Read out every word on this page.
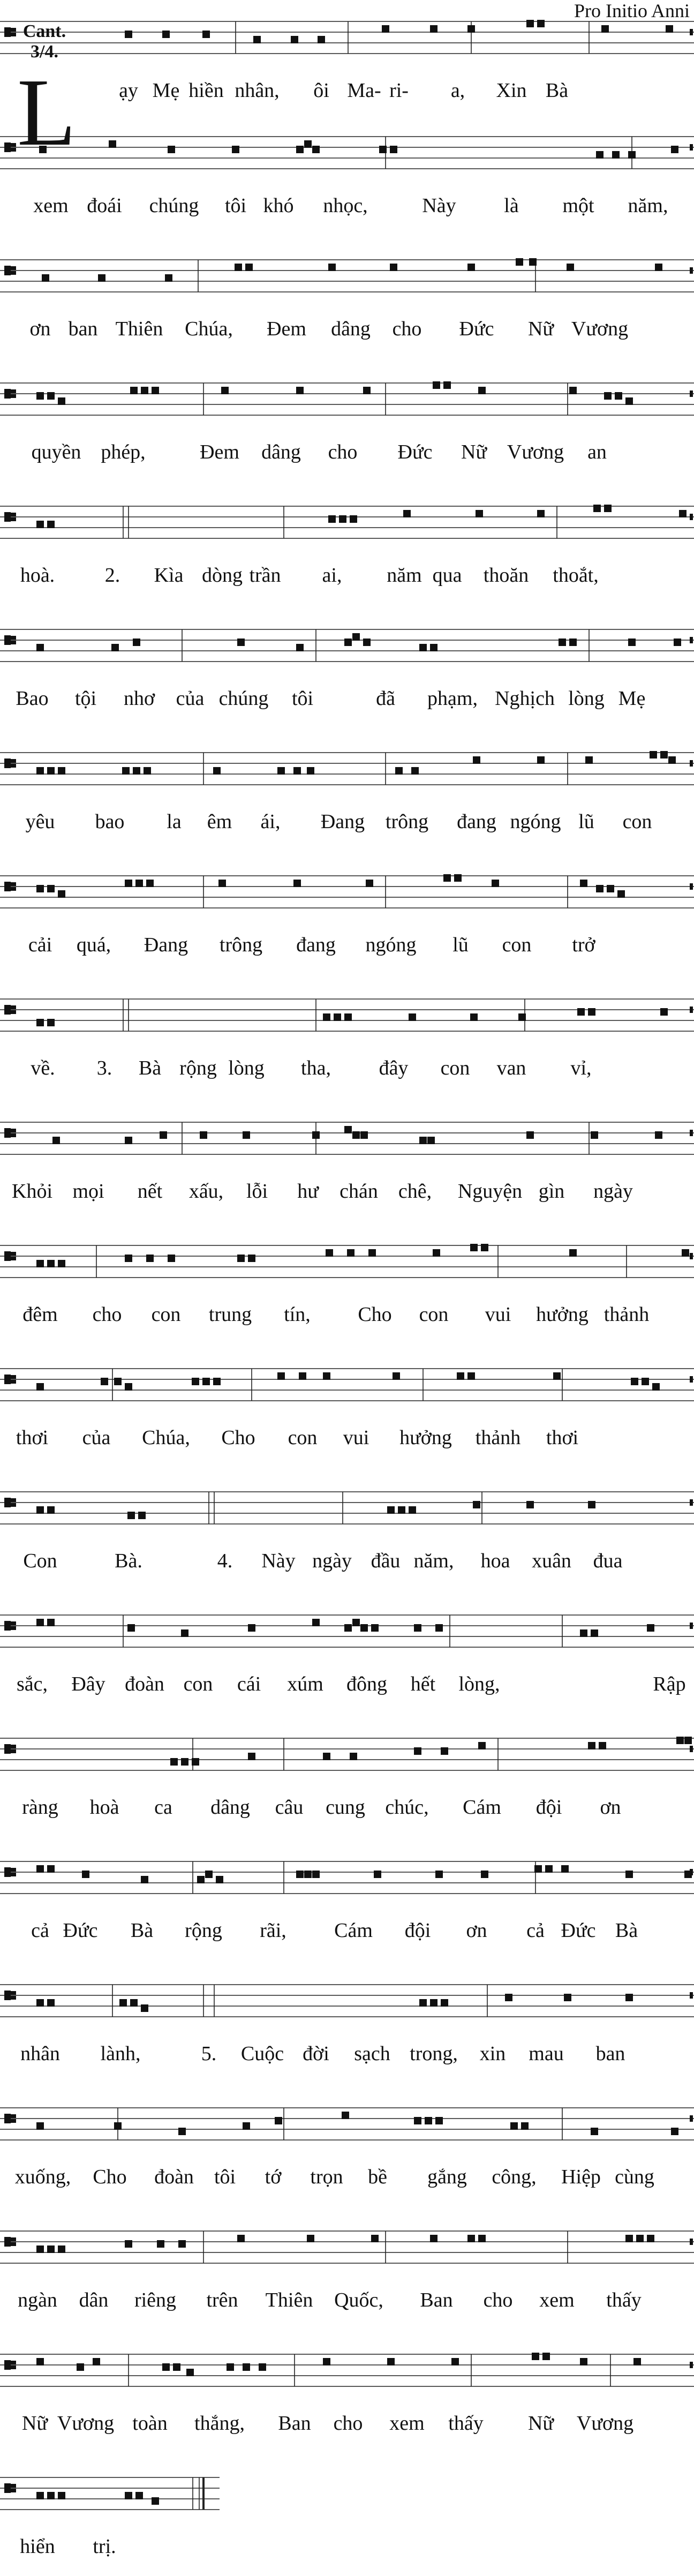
Pro Initio Anni
Cant.
3/4.
L ạy Mẹ hiền nhân, ôi Ma- ri- a, Xin Bà
xem đoái chúng tôi khó nhọc,	Này là một năm,
ơn ban Thiên Chúa, Đem dâng cho Đức Nữ Vương
quyền phép,	Đem dâng cho Đức Nữ Vương an
hoà. 2. Kìa dòng trần ai, năm qua thoăn thoắt,
Bao tội nhơ của chúng tôi	đã phạm, Nghịch lòng Mẹ
yêu bao la êm ái, Đang trông đang ngóng lũ con
cải quá, Đang trông đang ngóng lũ con trở
về. 3. Bà rộng lòng tha, đây con van vỉ,
Khỏi mọi nết xấu, lỗi hư chán chê, Nguyện gìn ngày
đêm cho con trung tín, Cho con vui hưởng thảnh
thơi của Chúa, Cho con vui hưởng thảnh thơi
Con	Bà.	4. Này ngày đầu năm, hoa xuân đua
sắc, Đây đoàn con cái xúm đông hết lòng,	Rập
ràng hoà ca dâng câu cung chúc, Cám đội ơn
cả Đức Bà rộng rãi, Cám đội ơn cả Đức Bà
nhân lành,	5. Cuộc đời sạch trong, xin mau ban
xuống, Cho đoàn tôi tớ trọn bề gắng công, Hiệp cùng
ngàn dân riêng trên Thiên Quốc, Ban cho xem thấy
Nữ Vương toàn thắng, Ban cho xem thấy Nữ Vương
hiển trị.
